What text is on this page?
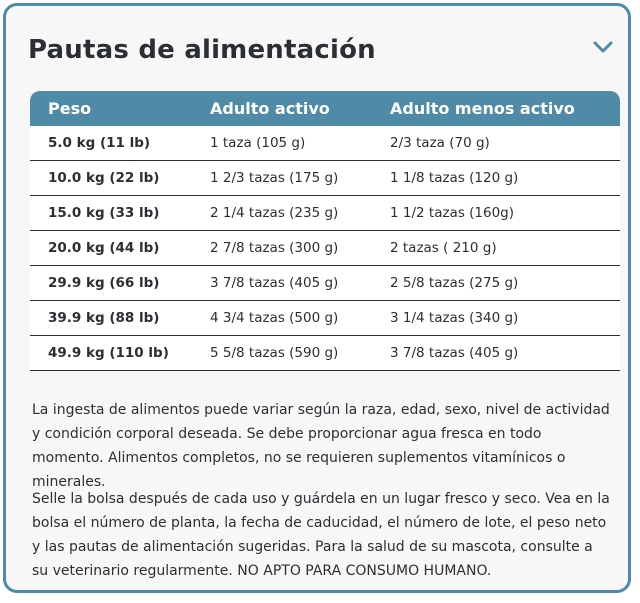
Pautas de alimentación
Peso	Adulto activo	Adulto menos activo
5.0 kg (11 lb)	1 taza (105 g)	2/3 taza (70 g)
10.0 kg (22 lb)	1 2/3 tazas (175 g)	1 1/8 tazas (120 g)
15.0 kg (33 lb)	2 1/4 tazas (235 g)	1 1/2 tazas (160g)
20.0 kg (44 lb)	2 7/8 tazas (300 g)	2 tazas ( 210 g)
29.9 kg (66 lb)	3 7/8 tazas (405 g)	2 5/8 tazas (275 g)
39.9 kg (88 lb)	4 3/4 tazas (500 g)	3 1/4 tazas (340 g)
49.9 kg (110 lb)	5 5/8 tazas (590 g)	3 7/8 tazas (405 g)
La ingesta de alimentos puede variar según la raza, edad, sexo, nivel de actividad y condición corporal deseada. Se debe proporcionar agua fresca en todo momento. Alimentos completos, no se requieren suplementos vitamínicos o minerales.
Selle la bolsa después de cada uso y guárdela en un lugar fresco y seco. Vea en la bolsa el número de planta, la fecha de caducidad, el número de lote, el peso neto y las pautas de alimentación sugeridas. Para la salud de su mascota, consulte a su veterinario regularmente. NO APTO PARA CONSUMO HUMANO.
